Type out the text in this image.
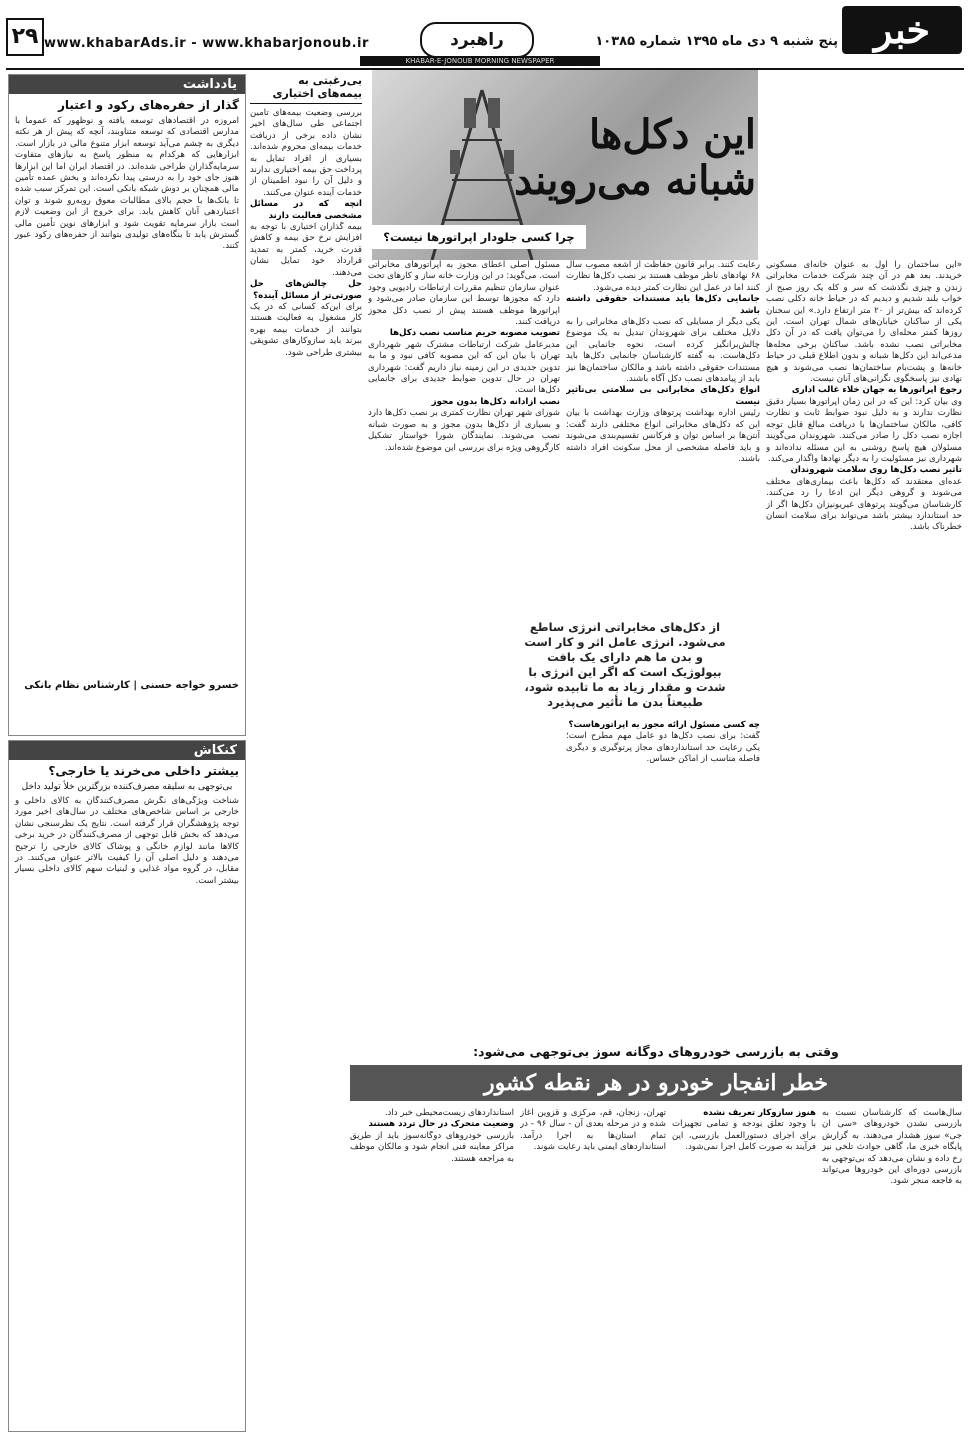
خبر
جنوب
پنج شنبه ۹ دی ماه ۱۳۹۵ شماره ۱۰۳۸۵
راهبرد
www.khabarAds.ir - www.khabarjonoub.ir
۲۹
KHABAR-E-JONOUB MORNING NEWSPAPER
یادداشت
گذار از حفره‌های رکود و اعتبار
امروزه در اقتصادهای توسعه یافته و نوظهور که عموما با مدارس اقتصادی که توسعه متناوبند، آنچه که پیش از هر نکته دیگری به چشم می‌آید توسعه ابزار متنوع مالی در بازار است. ابزارهایی که هرکدام به منظور پاسخ به نیازهای متفاوت سرمایه‌گذاران طراحی شده‌اند. در اقتصاد ایران اما این ابزارها هنوز جای خود را به درستی پیدا نکرده‌اند و بخش عمده تأمین مالی همچنان بر دوش شبکه بانکی است. این تمرکز سبب شده تا بانک‌ها با حجم بالای مطالبات معوق روبه‌رو شوند و توان اعتباردهی آنان کاهش یابد. برای خروج از این وضعیت لازم است بازار سرمایه تقویت شود و ابزارهای نوین تأمین مالی گسترش یابد تا بنگاه‌های تولیدی بتوانند از حفره‌های رکود عبور کنند.
خسرو خواجه حسنی | کارشناس نظام بانکی
کنکاش
بیشتر داخلی می‌خرند یا خارجی؟
بی‌توجهی به سلیقه مصرف‌کننده بزرگترین خلأ تولید داخل
شناخت ویژگی‌های نگرش مصرف‌کنندگان به کالای داخلی و خارجی بر اساس شاخص‌های مختلف در سال‌های اخیر مورد توجه پژوهشگران قرار گرفته است. نتایج یک نظرسنجی نشان می‌دهد که بخش قابل توجهی از مصرف‌کنندگان در خرید برخی کالاها مانند لوازم خانگی و پوشاک کالای خارجی را ترجیح می‌دهند و دلیل اصلی آن را کیفیت بالاتر عنوان می‌کنند. در مقابل، در گروه مواد غذایی و لبنیات سهم کالای داخلی بسیار بیشتر است.
بی‌رغبتی به بیمه‌های اختیاری
بررسی وضعیت بیمه‌های تأمین اجتماعی طی سال‌های اخیر نشان داده برخی از دریافت خدمات بیمه‌ای محروم شده‌اند. بسیاری از افراد تمایل به پرداخت حق بیمه اختیاری ندارند و دلیل آن را نبود اطمینان از خدمات آینده عنوان می‌کنند.
آنچه که در مسائل مشخصی فعالیت دارند
بیمه گذاران اختیاری با توجه به افزایش نرخ حق بیمه و کاهش قدرت خرید، کمتر به تمدید قرارداد خود تمایل نشان می‌دهند.
حل چالش‌های حل صورتی‌تر از مسائل آینده؟
برای این‌که کسانی که در یک کار مشغول به فعالیت هستند بتوانند از خدمات بیمه بهره ببرند باید سازوکارهای تشویقی بیشتری طراحی شود.
این دکل‌ها
شبانه می‌رویند
چرا کسی جلودار اپراتورها نیست؟
«این ساختمان را اول به عنوان خانه‌ای مسکونی خریدند. بعد هم در آن چند شرکت خدمات مخابراتی زندن و چیزی نگذشت که سر و کله یک روز صبح از خواب بلند شدیم و دیدیم که در حیاط خانه دکلی نصب کرده‌اند که بیش‌تر از ۲۰ متر ارتفاع دارد.» این سخنان یکی از ساکنان خیابان‌های شمال تهران است. این روزها کمتر محله‌ای را می‌توان یافت که در آن دکل مخابراتی نصب نشده باشد. ساکنان برخی محله‌ها مدعی‌اند این دکل‌ها شبانه و بدون اطلاع قبلی در حیاط خانه‌ها و پشت‌بام ساختمان‌ها نصب می‌شوند و هیچ نهادی نیز پاسخگوی نگرانی‌های آنان نیست.
رجوع اپراتورها به جهان خلاء غالب اداری
وی بیان کرد: این که در این زمان اپراتورها بسیار دقیق نظارت ندارند و به دلیل نبود ضوابط ثابت و نظارت کافی، مالکان ساختمان‌ها با دریافت مبالغ قابل توجه اجازه نصب دکل را صادر می‌کنند. شهروندان می‌گویند مسئولان هیچ پاسخ روشنی به این مسئله نداده‌اند و شهرداری نیز مسئولیت را به دیگر نهادها واگذار می‌کند.
تأثیر نصب دکل‌ها روی سلامت شهروندان
عده‌ای معتقدند که دکل‌ها باعث بیماری‌های مختلف می‌شوند و گروهی دیگر این ادعا را رد می‌کنند. کارشناسان می‌گویند پرتوهای غیریونیزان دکل‌ها اگر از حد استاندارد بیشتر باشد می‌تواند برای سلامت انسان خطرناک باشد.
رعایت کنند. برابر قانون حفاظت از اشعه مصوب سال ۶۸ نهادهای ناظر موظف هستند بر نصب دکل‌ها نظارت کنند اما در عمل این نظارت کمتر دیده می‌شود.
جانمایی دکل‌ها باید مستندات حقوقی داشته باشد
یکی دیگر از مسایلی که نصب دکل‌های مخابراتی را به دلایل مختلف برای شهروندان تبدیل به یک موضوع چالش‌برانگیز کرده است، نحوه جانمایی این دکل‌هاست. به گفته کارشناسان جانمایی دکل‌ها باید مستندات حقوقی داشته باشد و مالکان ساختمان‌ها نیز باید از پیامدهای نصب دکل آگاه باشند.
انواع دکل‌های مخابراتی بی سلامتی بی‌تأثیر نیست
رئیس اداره بهداشت پرتوهای وزارت بهداشت با بیان این که دکل‌های مخابراتی انواع مختلفی دارند گفت: آنتن‌ها بر اساس توان و فرکانس تقسیم‌بندی می‌شوند و باید فاصله مشخصی از محل سکونت افراد داشته باشند.
از دکل‌های مخابراتی انرژی ساطع می‌شود. انرژی عامل اثر و کار است و بدن ما هم دارای یک بافت بیولوژیک است که اگر این انرژی با شدت و مقدار زیاد به ما تابیده شود، طبیعتاً بدن ما تأثیر می‌پذیرد
چه کسی مسئول ارائه مجوز به اپراتورهاست؟
گفت: برای نصب دکل‌ها دو عامل مهم مطرح است؛ یکی رعایت حد استانداردهای مجاز پرتوگیری و دیگری فاصله مناسب از اماکن حساس.
مسئول اصلی اعطای مجوز به اپراتورهای مخابراتی است. می‌گوید: در این وزارت خانه ساز و کارهای تحت عنوان سازمان تنظیم مقررات ارتباطات رادیویی وجود دارد که مجوزها توسط این سازمان صادر می‌شود و اپراتورها موظف هستند پیش از نصب دکل مجوز دریافت کنند.
تصویب مصوبه حریم مناسب نصب دکل‌ها
مدیرعامل شرکت ارتباطات مشترک شهر شهرداری تهران با بیان این که این مصوبه کافی نبود و ما به تدوین جدیدی در این زمینه نیاز داریم گفت: شهرداری تهران در حال تدوین ضوابط جدیدی برای جانمایی دکل‌ها است.
نصب آزادانه دکل‌ها بدون مجوز
شورای شهر تهران نظارت کمتری بر نصب دکل‌ها دارد و بسیاری از دکل‌ها بدون مجوز و به صورت شبانه نصب می‌شوند. نمایندگان شورا خواستار تشکیل کارگروهی ویژه برای بررسی این موضوع شده‌اند.
وقتی به بازرسی خودروهای دوگانه سوز بی‌توجهی می‌شود:
خطر انفجار خودرو در هر نقطه کشور
سال‌هاست که کارشناسان نسبت به بازرسی نشدن خودروهای «سی ان جی» سوز هشدار می‌دهند. به گزارش پایگاه خبری ما، گاهی حوادث تلخی نیز رخ داده و نشان می‌دهد که بی‌توجهی به بازرسی دوره‌ای این خودروها می‌تواند به فاجعه منجر شود.
هنوز سازوکار تعریف نشده
با وجود تعلق بودجه و تمامی تجهیزات برای اجرای دستورالعمل بازرسی، این فرآیند به صورت کامل اجرا نمی‌شود.
تهران، زنجان، قم، مرکزی و قزوین آغاز شده و در مرحله بعدی آن - سال ۹۶ - در تمام استان‌ها به اجرا درآمد. استانداردهای ایمنی باید رعایت شوند.
استانداردهای زیست‌محیطی خبر داد.
وضعیت متحرک در حال تردد هستند
بازرسی خودروهای دوگانه‌سوز باید از طریق مراکز معاینه فنی انجام شود و مالکان موظف به مراجعه هستند.
